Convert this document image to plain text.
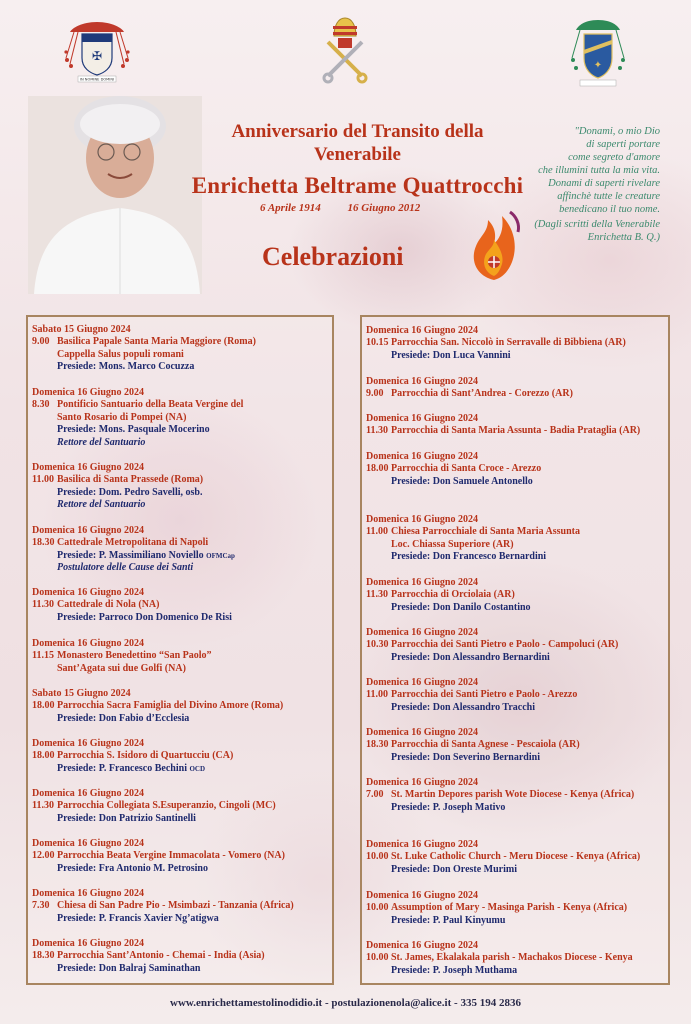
✠
IN NOMINE DOMINI
✦
Anniversario del Transito della
Venerabile
Enrichetta Beltrame Quattrocchi
6 Aprile 1914 16 Giugno 2012
Celebrazioni
"Donami, o mio Dio
di saperti portare
come segreto d'amore
che illumini tutta la mia vita.
Donami di saperti rivelare
affinchè tutte le creature
benedicano il tuo nome.
(Dagli scritti della Venerabile
Enrichetta B. Q.)
Sabato 15 Giugno 2024
9.00 Basilica Papale Santa Maria Maggiore (Roma)
Cappella Salus populi romani
Presiede: Mons. Marco Cocuzza
Domenica 16 Giugno 2024
8.30 Pontificio Santuario della Beata Vergine del
Santo Rosario di Pompei (NA)
Presiede: Mons. Pasquale Mocerino
Rettore del Santuario
Domenica 16 Giugno 2024
11.00 Basilica di Santa Prassede (Roma)
Presiede: Dom. Pedro Savelli, osb.
Rettore del Santuario
Domenica 16 Giugno 2024
18.30 Cattedrale Metropolitana di Napoli
Presiede: P. Massimiliano Noviello OFMCap
Postulatore delle Cause dei Santi
Domenica 16 Giugno 2024
11.30 Cattedrale di Nola (NA)
Presiede: Parroco Don Domenico De Risi
Domenica 16 Giugno 2024
11.15 Monastero Benedettino “San Paolo”
Sant’Agata sui due Golfi (NA)
Sabato 15 Giugno 2024
18.00 Parrocchia Sacra Famiglia del Divino Amore (Roma)
Presiede: Don Fabio d’Ecclesia
Domenica 16 Giugno 2024
18.00 Parrocchia S. Isidoro di Quartucciu (CA)
Presiede: P. Francesco Bechini OCD
Domenica 16 Giugno 2024
11.30 Parrocchia Collegiata S.Esuperanzio, Cingoli (MC)
Presiede: Don Patrizio Santinelli
Domenica 16 Giugno 2024
12.00 Parrocchia Beata Vergine Immacolata - Vomero (NA)
Presiede: Fra Antonio M. Petrosino
Domenica 16 Giugno 2024
7.30 Chiesa di San Padre Pio - Msimbazi - Tanzania (Africa)
Presiede: P. Francis Xavier Ng’atigwa
Domenica 16 Giugno 2024
18.30 Parrocchia Sant’Antonio - Chemai - India (Asia)
Presiede: Don Balraj Saminathan
Domenica 16 Giugno 2024
10.15 Parrocchia San. Niccolò in Serravalle di Bibbiena (AR)
Presiede: Don Luca Vannini
Domenica 16 Giugno 2024
9.00 Parrocchia di Sant’Andrea - Corezzo (AR)
Domenica 16 Giugno 2024
11.30 Parrocchia di Santa Maria Assunta - Badia Prataglia (AR)
Domenica 16 Giugno 2024
18.00 Parrocchia di Santa Croce - Arezzo
Presiede: Don Samuele Antonello
Domenica 16 Giugno 2024
11.00 Chiesa Parrocchiale di Santa Maria Assunta
Loc. Chiassa Superiore (AR)
Presiede: Don Francesco Bernardini
Domenica 16 Giugno 2024
11.30 Parrocchia di Orciolaia (AR)
Presiede: Don Danilo Costantino
Domenica 16 Giugno 2024
10.30 Parrocchia dei Santi Pietro e Paolo - Campoluci (AR)
Presiede: Don Alessandro Bernardini
Domenica 16 Giugno 2024
11.00 Parrocchia dei Santi Pietro e Paolo - Arezzo
Presiede: Don Alessandro Tracchi
Domenica 16 Giugno 2024
18.30 Parrocchia di Santa Agnese - Pescaiola (AR)
Presiede: Don Severino Bernardini
Domenica 16 Giugno 2024
7.00 St. Martin Depores parish Wote Diocese - Kenya (Africa)
Presiede: P. Joseph Mativo
Domenica 16 Giugno 2024
10.00 St. Luke Catholic Church - Meru Diocese - Kenya (Africa)
Presiede: Don Oreste Murimi
Domenica 16 Giugno 2024
10.00 Assumption of Mary - Masinga Parish - Kenya (Africa)
Presiede: P. Paul Kinyumu
Domenica 16 Giugno 2024
10.00 St. James, Ekalakala parish - Machakos Diocese - Kenya
Presiede: P. Joseph Muthama
www.enrichettamestolinodidio.it - postulazionenola@alice.it - 335 194 2836
